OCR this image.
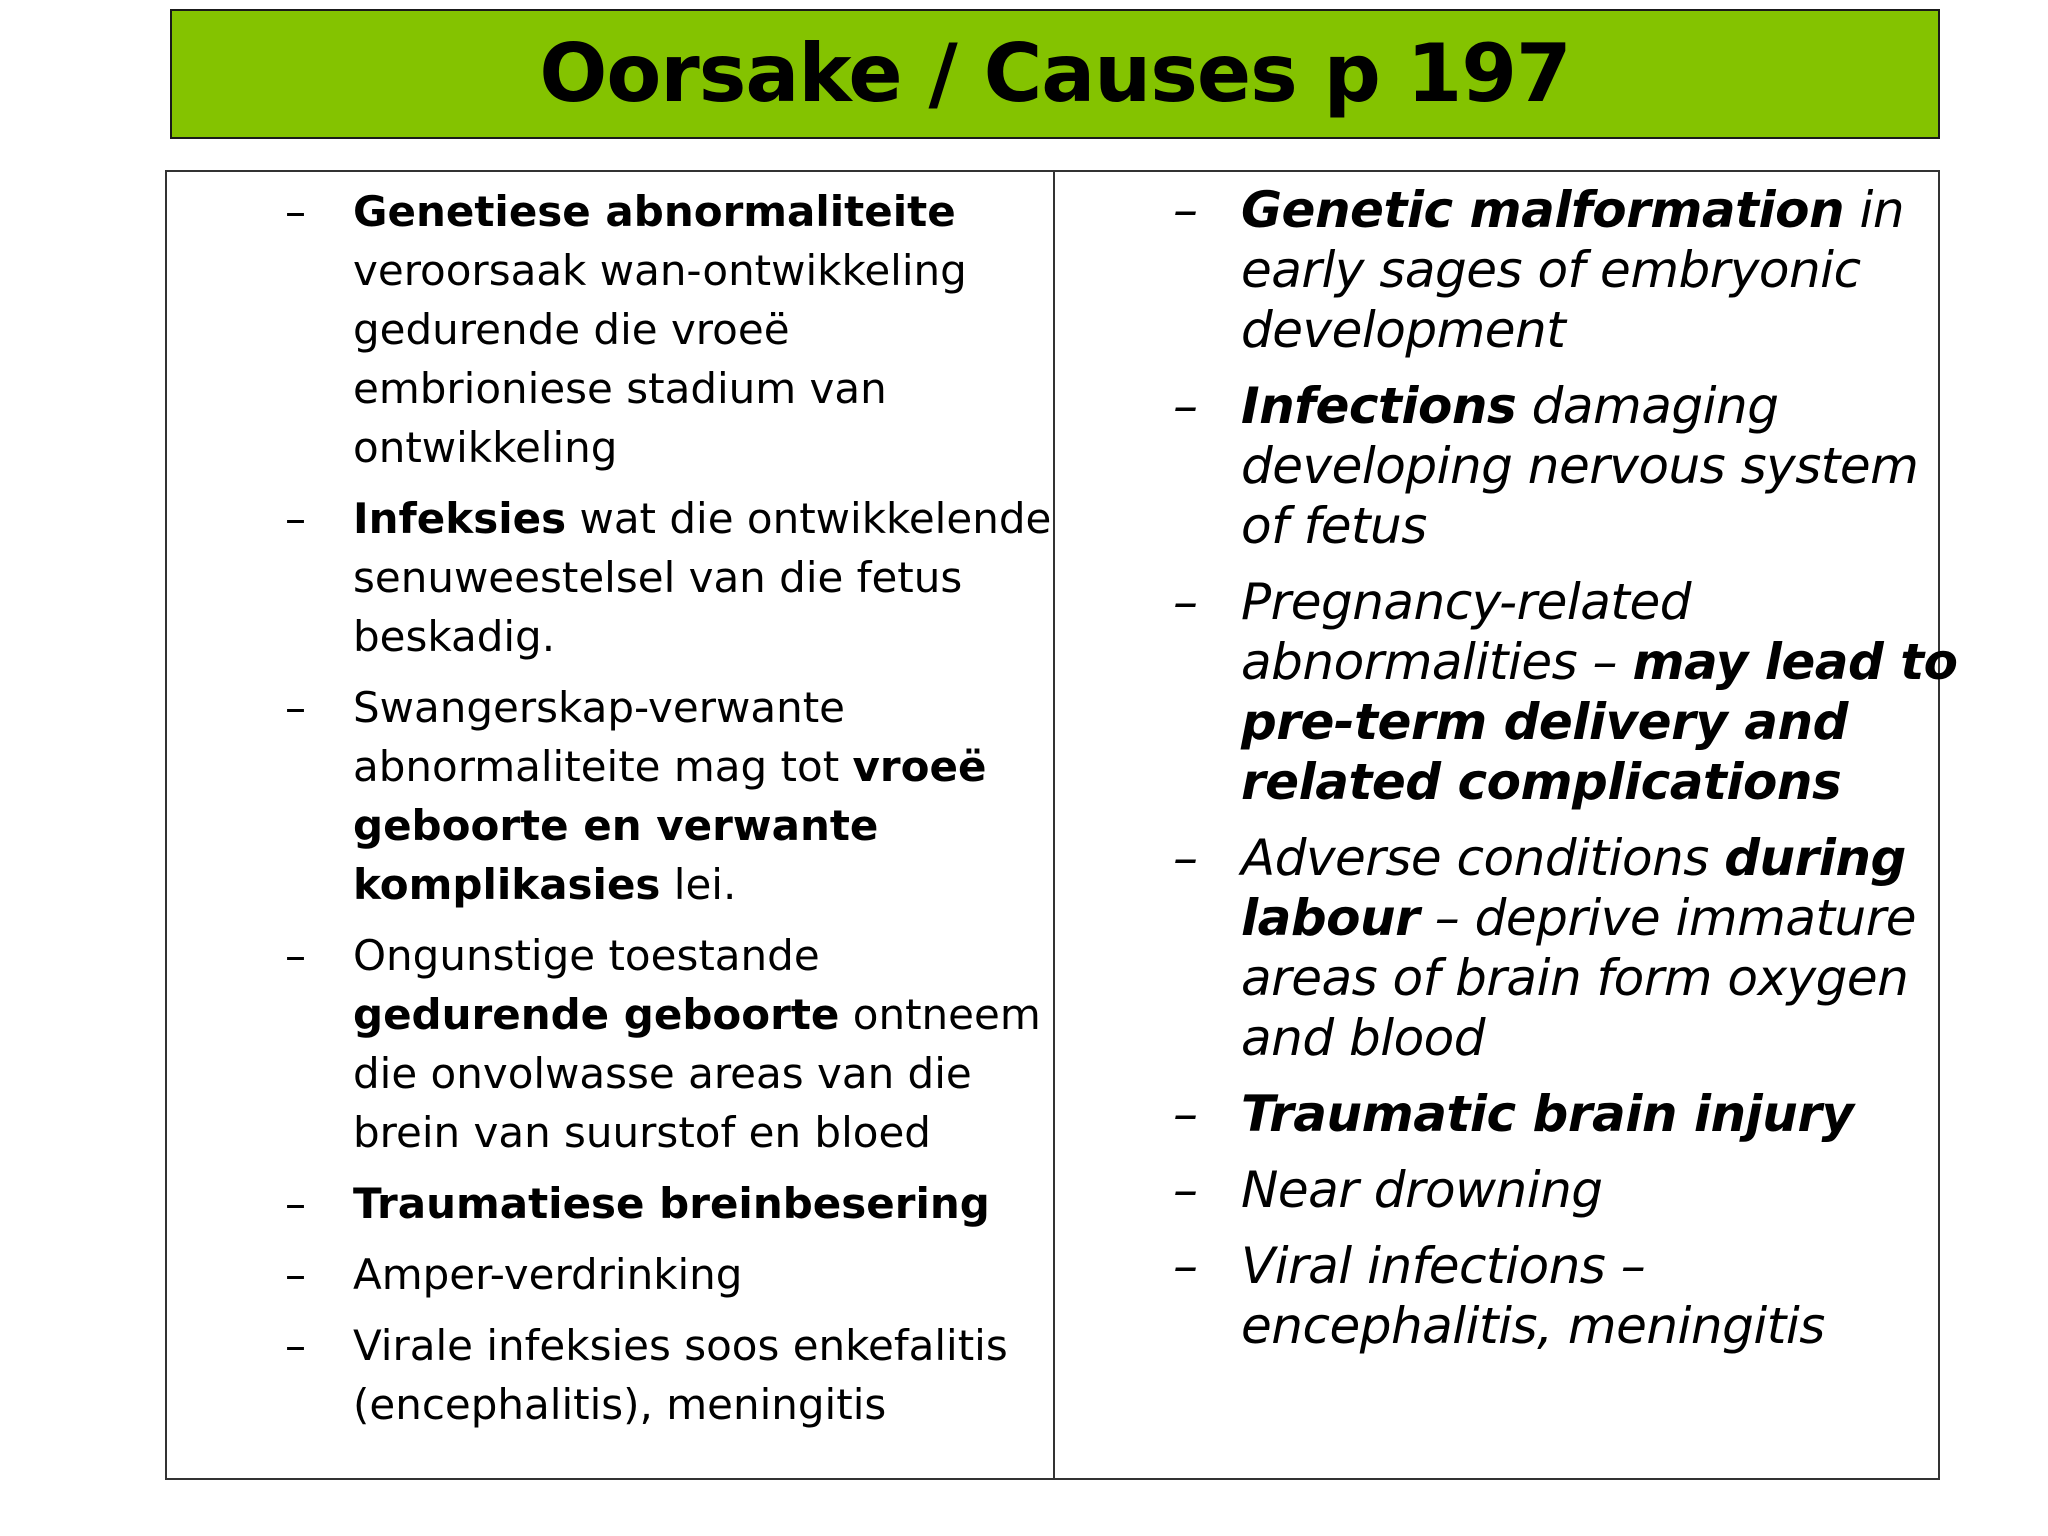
Oorsake / Causes p 197
– Genetiese abnormaliteite veroorsaak wan-ontwikkeling gedurende die vroeë embrioniese stadium van ontwikkeling
– Infeksies wat die ontwikkelende senuweestelsel van die fetus beskadig.
– Swangerskap-verwante abnormaliteite mag tot vroeë geboorte en verwante komplikasies lei.
– Ongunstige toestande gedurende geboorte ontneem die onvolwasse areas van die brein van suurstof en bloed
– Traumatiese breinbesering
– Amper-verdrinking
– Virale infeksies soos enkefalitis (encephalitis), meningitis
– Genetic malformation in early sages of embryonic development
– Infections damaging developing nervous system of fetus
– Pregnancy-related abnormalities – may lead to pre-term delivery and related complications
– Adverse conditions during labour – deprive immature areas of brain form oxygen and blood
– Traumatic brain injury
– Near drowning
– Viral infections – encephalitis, meningitis
